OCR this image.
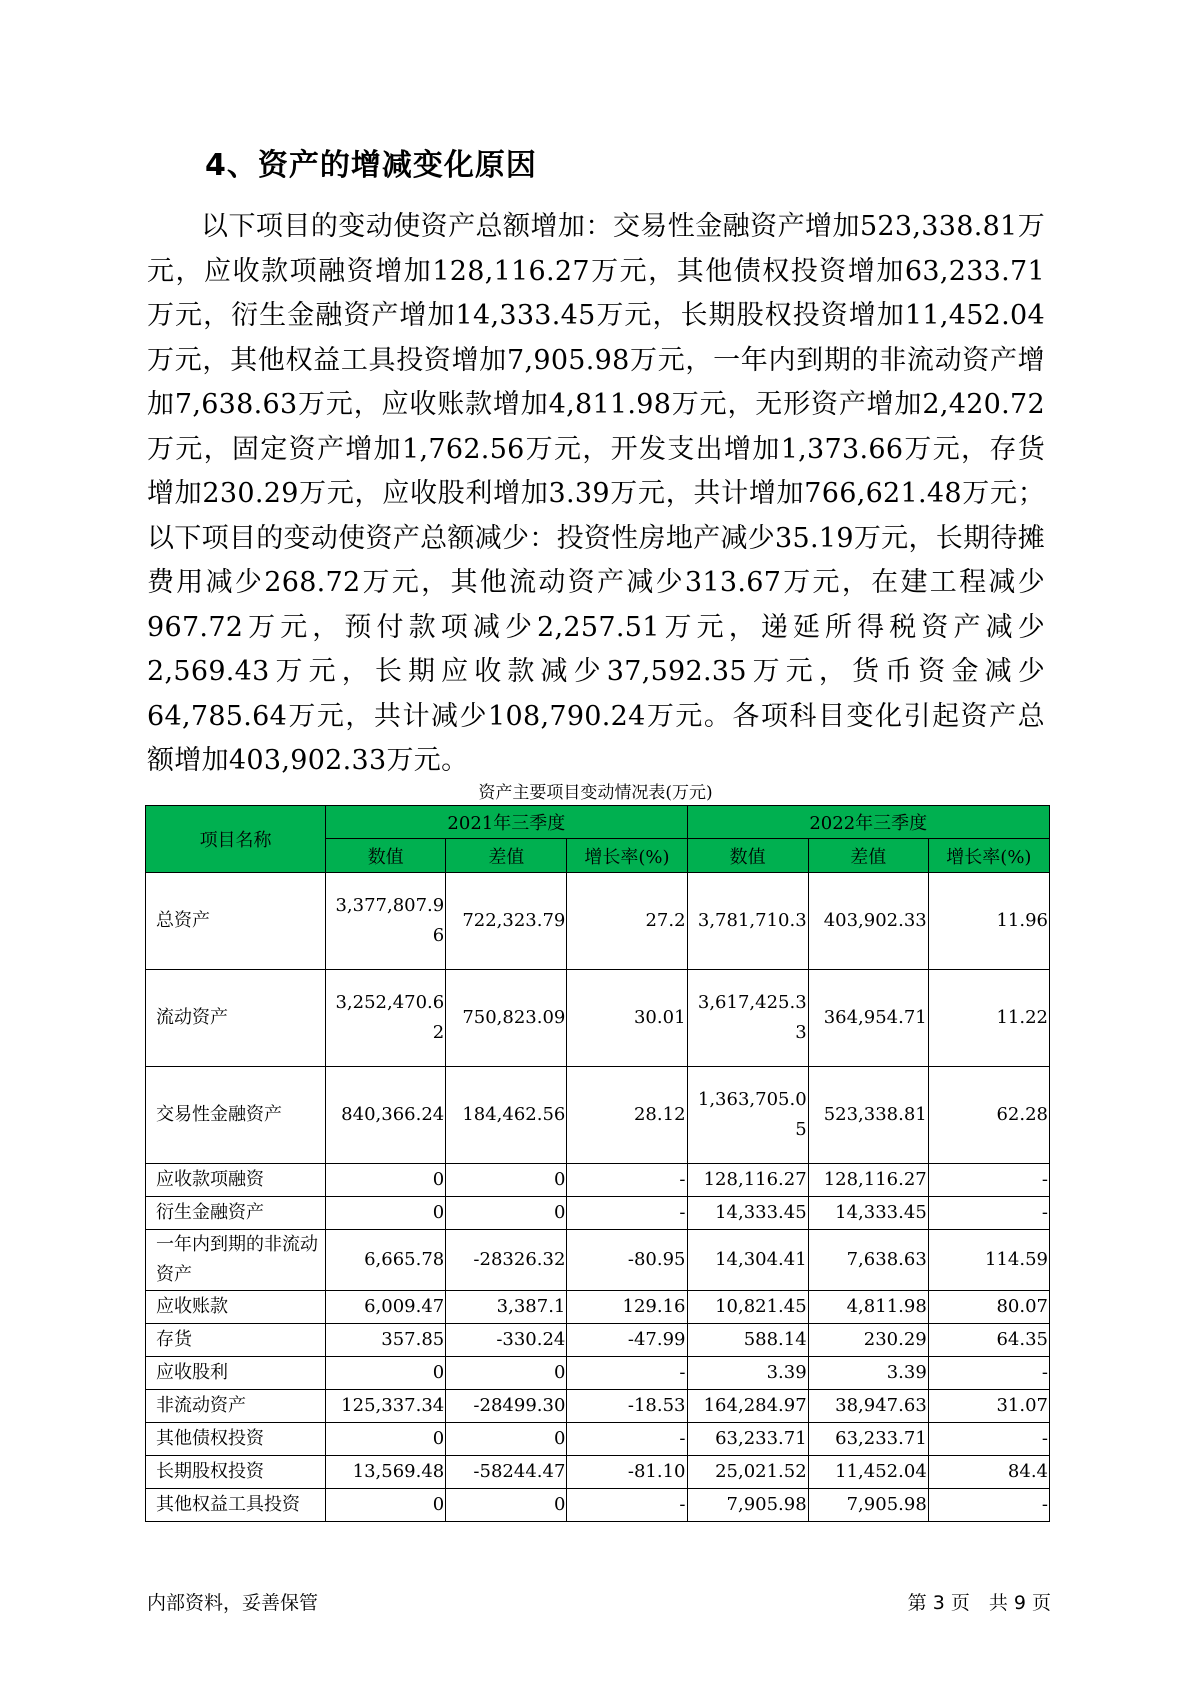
4、资产的增减变化原因

以下项目的变动使资产总额增加：交易性金融资产增加523,338.81万元，应收款项融资增加128,116.27万元，其他债权投资增加63,233.71万元，衍生金融资产增加14,333.45万元，长期股权投资增加11,452.04万元，其他权益工具投资增加7,905.98万元，一年内到期的非流动资产增加7,638.63万元，应收账款增加4,811.98万元，无形资产增加2,420.72万元，固定资产增加1,762.56万元，开发支出增加1,373.66万元，存货增加230.29万元，应收股利增加3.39万元，共计增加766,621.48万元；以下项目的变动使资产总额减少：投资性房地产减少35.19万元，长期待摊费用减少268.72万元，其他流动资产减少313.67万元，在建工程减少967.72万元，预付款项减少2,257.51万元，递延所得税资产减少2,569.43万元，长期应收款减少37,592.35万元，货币资金减少64,785.64万元，共计减少108,790.24万元。各项科目变化引起资产总额增加403,902.33万元。

资产主要项目变动情况表(万元)
项目名称	2021年三季度			2022年三季度		
	数值	差值	增长率(%)	数值	差值	增长率(%)
总资产	3,377,807.96	722,323.79	27.2	3,781,710.3	403,902.33	11.96
流动资产	3,252,470.62	750,823.09	30.01	3,617,425.33	364,954.71	11.22
交易性金融资产	840,366.24	184,462.56	28.12	1,363,705.05	523,338.81	62.28
应收款项融资	0	0	-	128,116.27	128,116.27	-
衍生金融资产	0	0	-	14,333.45	14,333.45	-
一年内到期的非流动资产	6,665.78	-28326.32	-80.95	14,304.41	7,638.63	114.59
应收账款	6,009.47	3,387.1	129.16	10,821.45	4,811.98	80.07
存货	357.85	-330.24	-47.99	588.14	230.29	64.35
应收股利	0	0	-	3.39	3.39	-
非流动资产	125,337.34	-28499.30	-18.53	164,284.97	38,947.63	31.07
其他债权投资	0	0	-	63,233.71	63,233.71	-
长期股权投资	13,569.48	-58244.47	-81.10	25,021.52	11,452.04	84.4
其他权益工具投资	0	0	-	7,905.98	7,905.98	-
内部资料，妥善保管	第 3 页　共 9 页
